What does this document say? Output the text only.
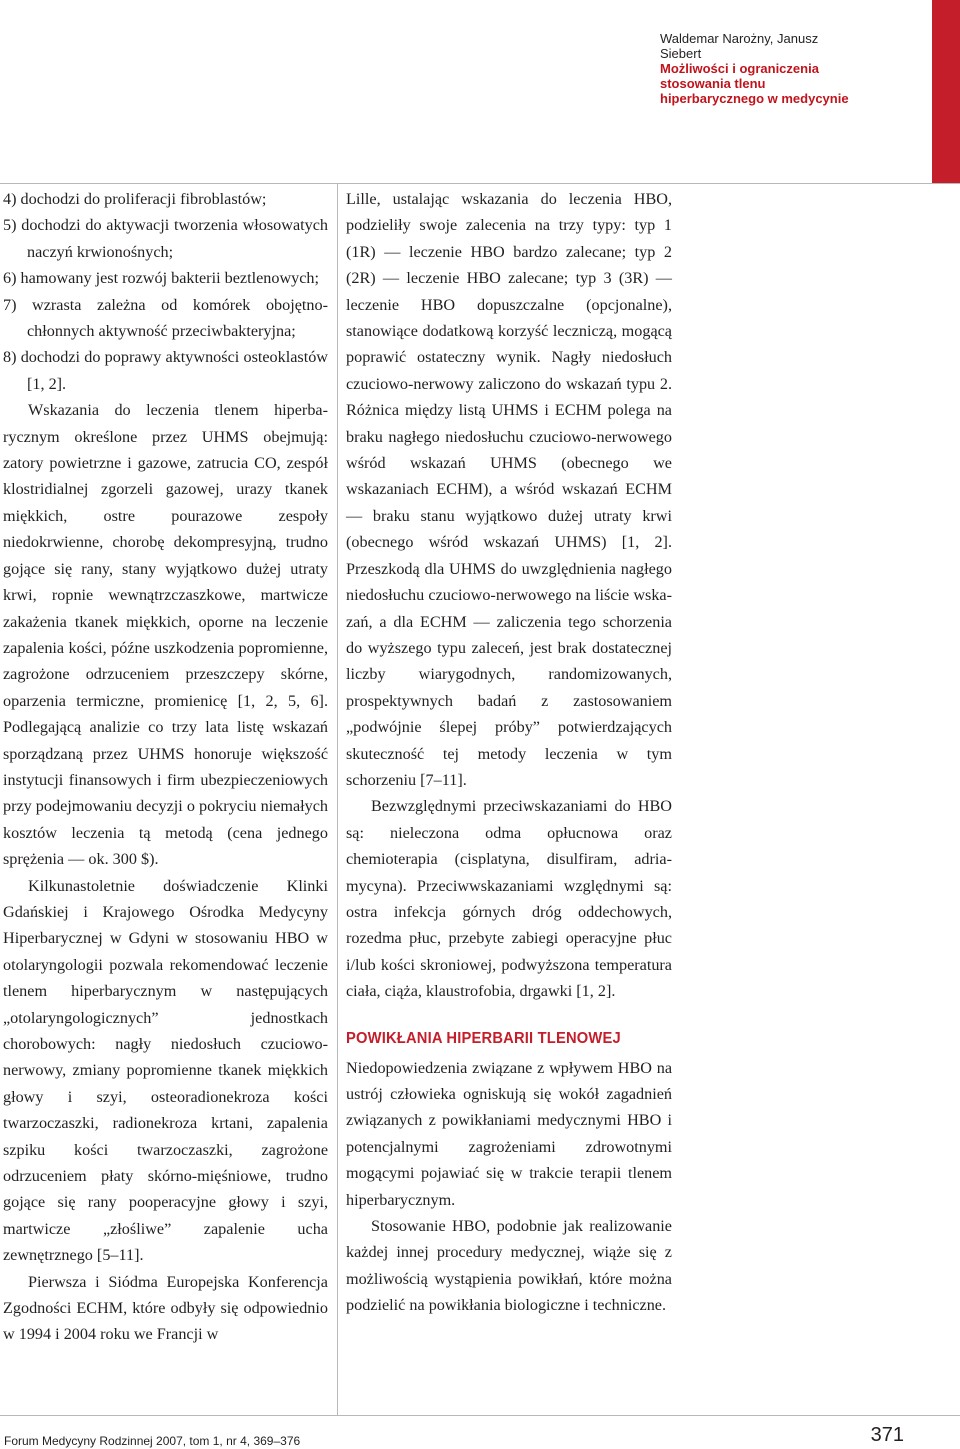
Waldemar Narożny, Janusz Siebert
Możliwości i ograniczenia
stosowania tlenu
hiperbarycznego w medycynie

4) dochodzi do proliferacji fibroblastów;

5) dochodzi do aktywacji tworzenia włosowatych naczyń krwionośnych;

6) hamowany jest rozwój bakterii beztlenowych;

7) wzrasta zależna od komórek obojętnochłonnych aktywność przeciwbakteryjna;

8) dochodzi do poprawy aktywności osteoklastów [1, 2].

Wskazania do leczenia tlenem hiperbarycznym określone przez UHMS obejmują: zatory powietrzne i gazowe, zatrucia CO, zespół klostridialnej zgorzeli gazowej, urazy tkanek miękkich, ostre pourazowe zespoły niedokrwienne, chorobę dekompresyjną, trudno gojące się rany, stany wyjątkowo dużej utraty krwi, ropnie wewnątrzczaszkowe, martwicze zakażenia tkanek miękkich, oporne na leczenie zapalenia kości, późne uszkodzenia popromienne, zagrożone odrzuceniem przeszczepy skórne, oparzenia termiczne, promienicę [1, 2, 5, 6]. Podlegającą analizie co trzy lata listę wskazań sporządzaną przez UHMS honoruje większość instytucji finansowych i firm ubezpieczeniowych przy podejmowaniu decyzji o pokryciu niemałych kosztów leczenia tą metodą (cena jednego sprężenia — ok. 300 $).

Kilkunastoletnie doświadczenie Klinki Gdańskiej i Krajowego Ośrodka Medycyny Hiperbarycznej w Gdyni w stosowaniu HBO w otolaryngologii pozwala rekomendować leczenie tlenem hiperbarycznym w następujących „otolaryngologicznych” jednostkach chorobowych: nagły niedosłuch czuciowonerwowy, zmiany popromienne tkanek miękkich głowy i szyi, osteoradionekroza kości twarzoczaszki, radionekroza krtani, zapalenia szpiku kości twarzoczaszki, zagrożone odrzuceniem płaty skórno-mięśniowe, trudno gojące się rany pooperacyjne głowy i szyi, martwicze „złośliwe” zapalenie ucha zewnętrznego [5–11].

Pierwsza i Siódma Europejska Konferencja Zgodności ECHM, które odbyły się odpowiednio w 1994 i 2004 roku we Francji w

Lille, ustalając wskazania do leczenia HBO, podzieliły swoje zalecenia na trzy typy: typ 1 (1R) — leczenie HBO bardzo zalecane; typ 2 (2R) — leczenie HBO zalecane; typ 3 (3R) — leczenie HBO dopuszczalne (opcjonalne), stanowiące dodatkową korzyść leczniczą, mogącą poprawić ostateczny wynik. Nagły niedosłuch czuciowo-nerwowy zaliczono do wskazań typu 2. Różnica między listą UHMS i ECHM polega na braku nagłego niedosłuchu czuciowo-nerwowego wśród wskazań UHMS (obecnego we wskazaniach ECHM), a wśród wskazań ECHM — braku stanu wyjątkowo dużej utraty krwi (obecnego wśród wskazań UHMS) [1, 2]. Przeszkodą dla UHMS do uwzględnienia nagłego niedosłuchu czuciowo-nerwowego na liście wskazań, a dla ECHM — zaliczenia tego schorzenia do wyższego typu zaleceń, jest brak dostatecznej liczby wiarygodnych, randomizowanych, prospektywnych badań z zastosowaniem „podwójnie ślepej próby” potwierdzających skuteczność tej metody leczenia w tym schorzeniu [7–11].

Bezwzględnymi przeciwskazaniami do HBO są: nieleczona odma opłucnowa oraz chemioterapia (cisplatyna, disulfiram, adriamycyna). Przeciwwskazaniami względnymi są: ostra infekcja górnych dróg oddechowych, rozedma płuc, przebyte zabiegi operacyjne płuc i/lub kości skroniowej, podwyższona temperatura ciała, ciąża, klaustrofobia, drgawki [1, 2].

POWIKŁANIA HIPERBARII TLENOWEJ

Niedopowiedzenia związane z wpływem HBO na ustrój człowieka ogniskują się wokół zagadnień związanych z powikłaniami medycznymi HBO i potencjalnymi zagrożeniami zdrowotnymi mogącymi pojawiać się w trakcie terapii tlenem hiperbarycznym.

Stosowanie HBO, podobnie jak realizowanie każdej innej procedury medycznej, wiąże się z możliwością wystąpienia powikłań, które można podzielić na powikłania biologiczne i techniczne.

Forum Medycyny Rodzinnej 2007, tom 1, nr 4, 369–376	371
